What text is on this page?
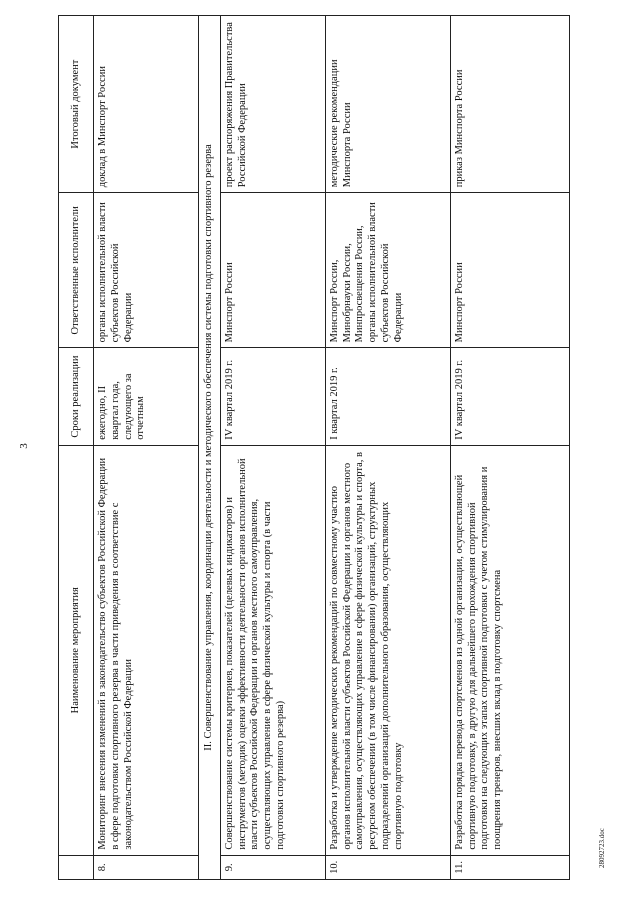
3
	Наименование мероприятия	Сроки реализации	Ответственные исполнители	Итоговый документ
8.	Мониторинг внесения изменений в законодательство субъектов Российской Федерации в сфере подготовки спортивного резерва в части приведения в соответствие с законодательством Российской Федерации	ежегодно, II квартал года, следующего за отчетным	органы исполнительной власти субъектов Российской Федерации	доклад в Минспорт России
II. Совершенствование управления, координации деятельности и методического обеспечения системы подготовки спортивного резерва				
9.	Совершенствование системы критериев, показателей (целевых индикаторов) и инструментов (методик) оценки эффективности деятельности органов исполнительной власти субъектов Российской Федерации и органов местного самоуправления, осуществляющих управление в сфере физической культуры и спорта (в части подготовки спортивного резерва)	IV квартал 2019 г.	Минспорт России	проект распоряжения Правительства Российской Федерации
10.	Разработка и утверждение методических рекомендаций по совместному участию органов исполнительной власти субъектов Российской Федерации и органов местного самоуправления, осуществляющих управление в сфере физической культуры и спорта, в ресурсном обеспечении (в том числе финансировании) организаций, структурных подразделений организаций дополнительного образования, осуществляющих спортивную подготовку	I квартал 2019 г.	Минспорт России, Минобрнауки России, Минпросвещения России, органы исполнительной власти субъектов Российской Федерации	методические рекомендации Минспорта России
11.	Разработка порядка перевода спортсменов из одной организации, осуществляющей спортивную подготовку, в другую для дальнейшего прохождения спортивной подготовки на следующих этапах спортивной подготовки с учетом стимулирования и поощрения тренеров, внесших вклад в подготовку спортсмена	IV квартал 2019 г.	Минспорт России	приказ Минспорта России
28092723.doc
